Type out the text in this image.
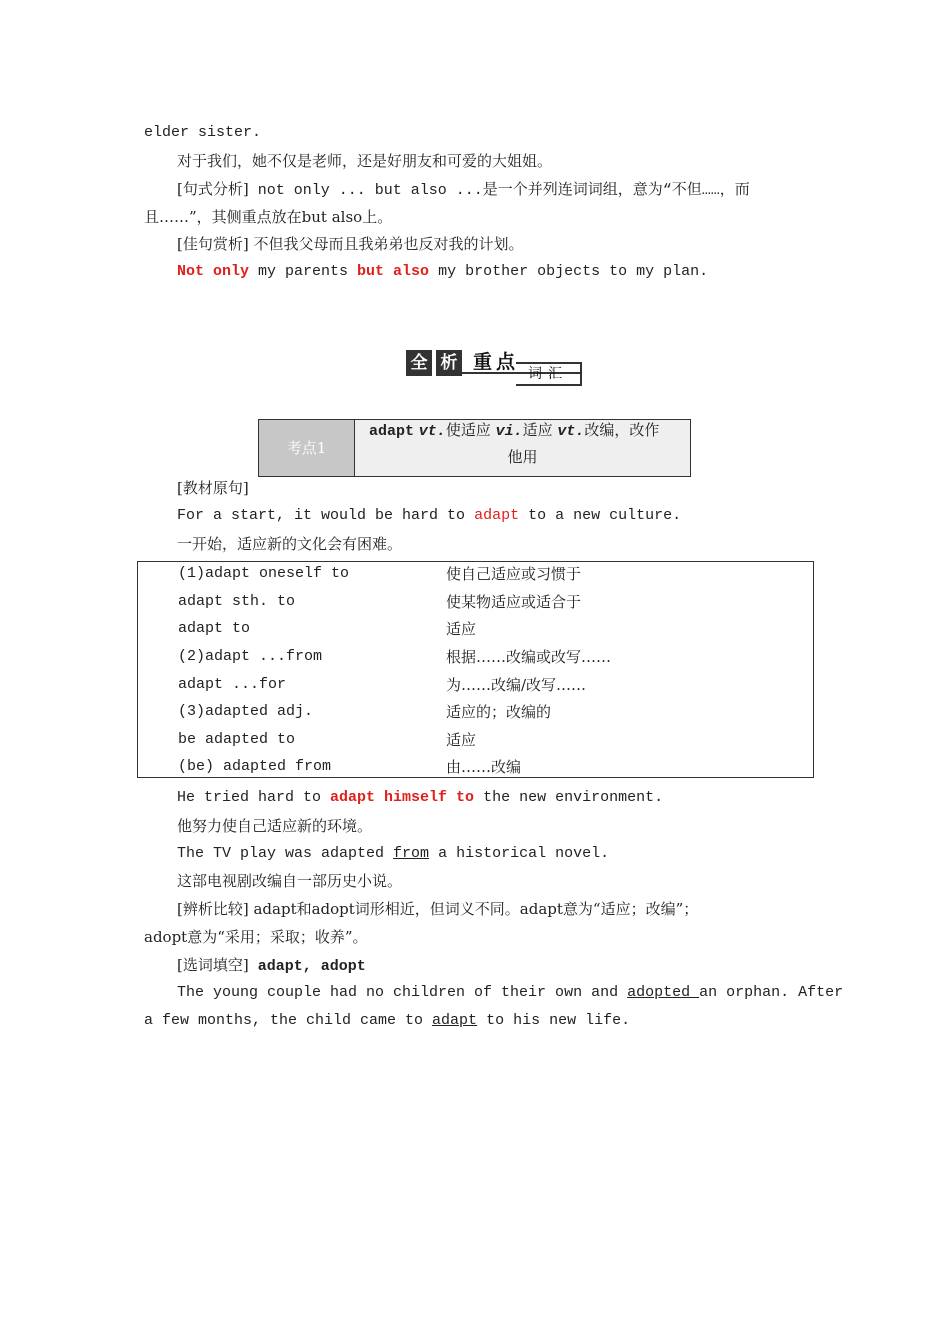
elder sister.
对于我们，她不仅是老师，还是好朋友和可爱的大姐姐。
[句式分析] not only ... but also ...是一个并列连词词组，意为“不但……，而
且……”，其侧重点放在but also上。
[佳句赏析] 不但我父母而且我弟弟也反对我的计划。
Not only my parents but also my brother objects to my plan.
全 析 重点
词汇
考点1
adapt vt.使适应 vi.适应 vt.改编，改作
他用
[教材原句]
For a start, it would be hard to adapt to a new culture.
一开始，适应新的文化会有困难。
(1)adapt oneself to	使自己适应或习惯于
adapt sth. to	使某物适应或适合于
adapt to	适应
(2)adapt ...from	根据……改编或改写……
adapt ...for	为……改编/改写……
(3)adapted adj.	适应的；改编的
be adapted to	适应
(be) adapted from	由……改编
He tried hard to adapt himself to the new environment.
他努力使自己适应新的环境。
The TV play was adapted from a historical novel.
这部电视剧改编自一部历史小说。
[辨析比较] adapt和adopt词形相近，但词义不同。adapt意为“适应；改编”；
adopt意为“采用；采取；收养”。
[选词填空] adapt, adopt
The young couple had no children of their own and adopted an orphan. After
a few months, the child came to adapt to his new life.
